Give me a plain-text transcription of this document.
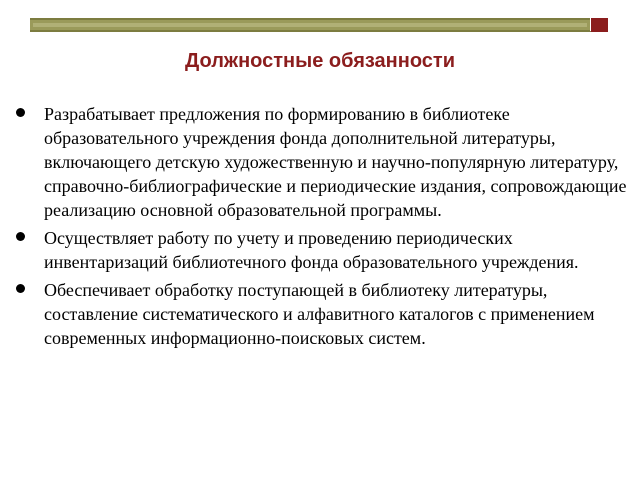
Должностные обязанности
Разрабатывает предложения по формированию в библиотеке образовательного учреждения фонда дополнительной литературы, включающего детскую художественную и научно-популярную литературу, справочно-библиографические и периодические издания, сопровождающие реализацию основной образовательной программы.
Осуществляет работу по учету и проведению периодических инвентаризаций библиотечного фонда образовательного учреждения.
Обеспечивает обработку поступающей в библиотеку литературы, составление систематического и алфавитного каталогов с применением современных информационно-поисковых систем.
